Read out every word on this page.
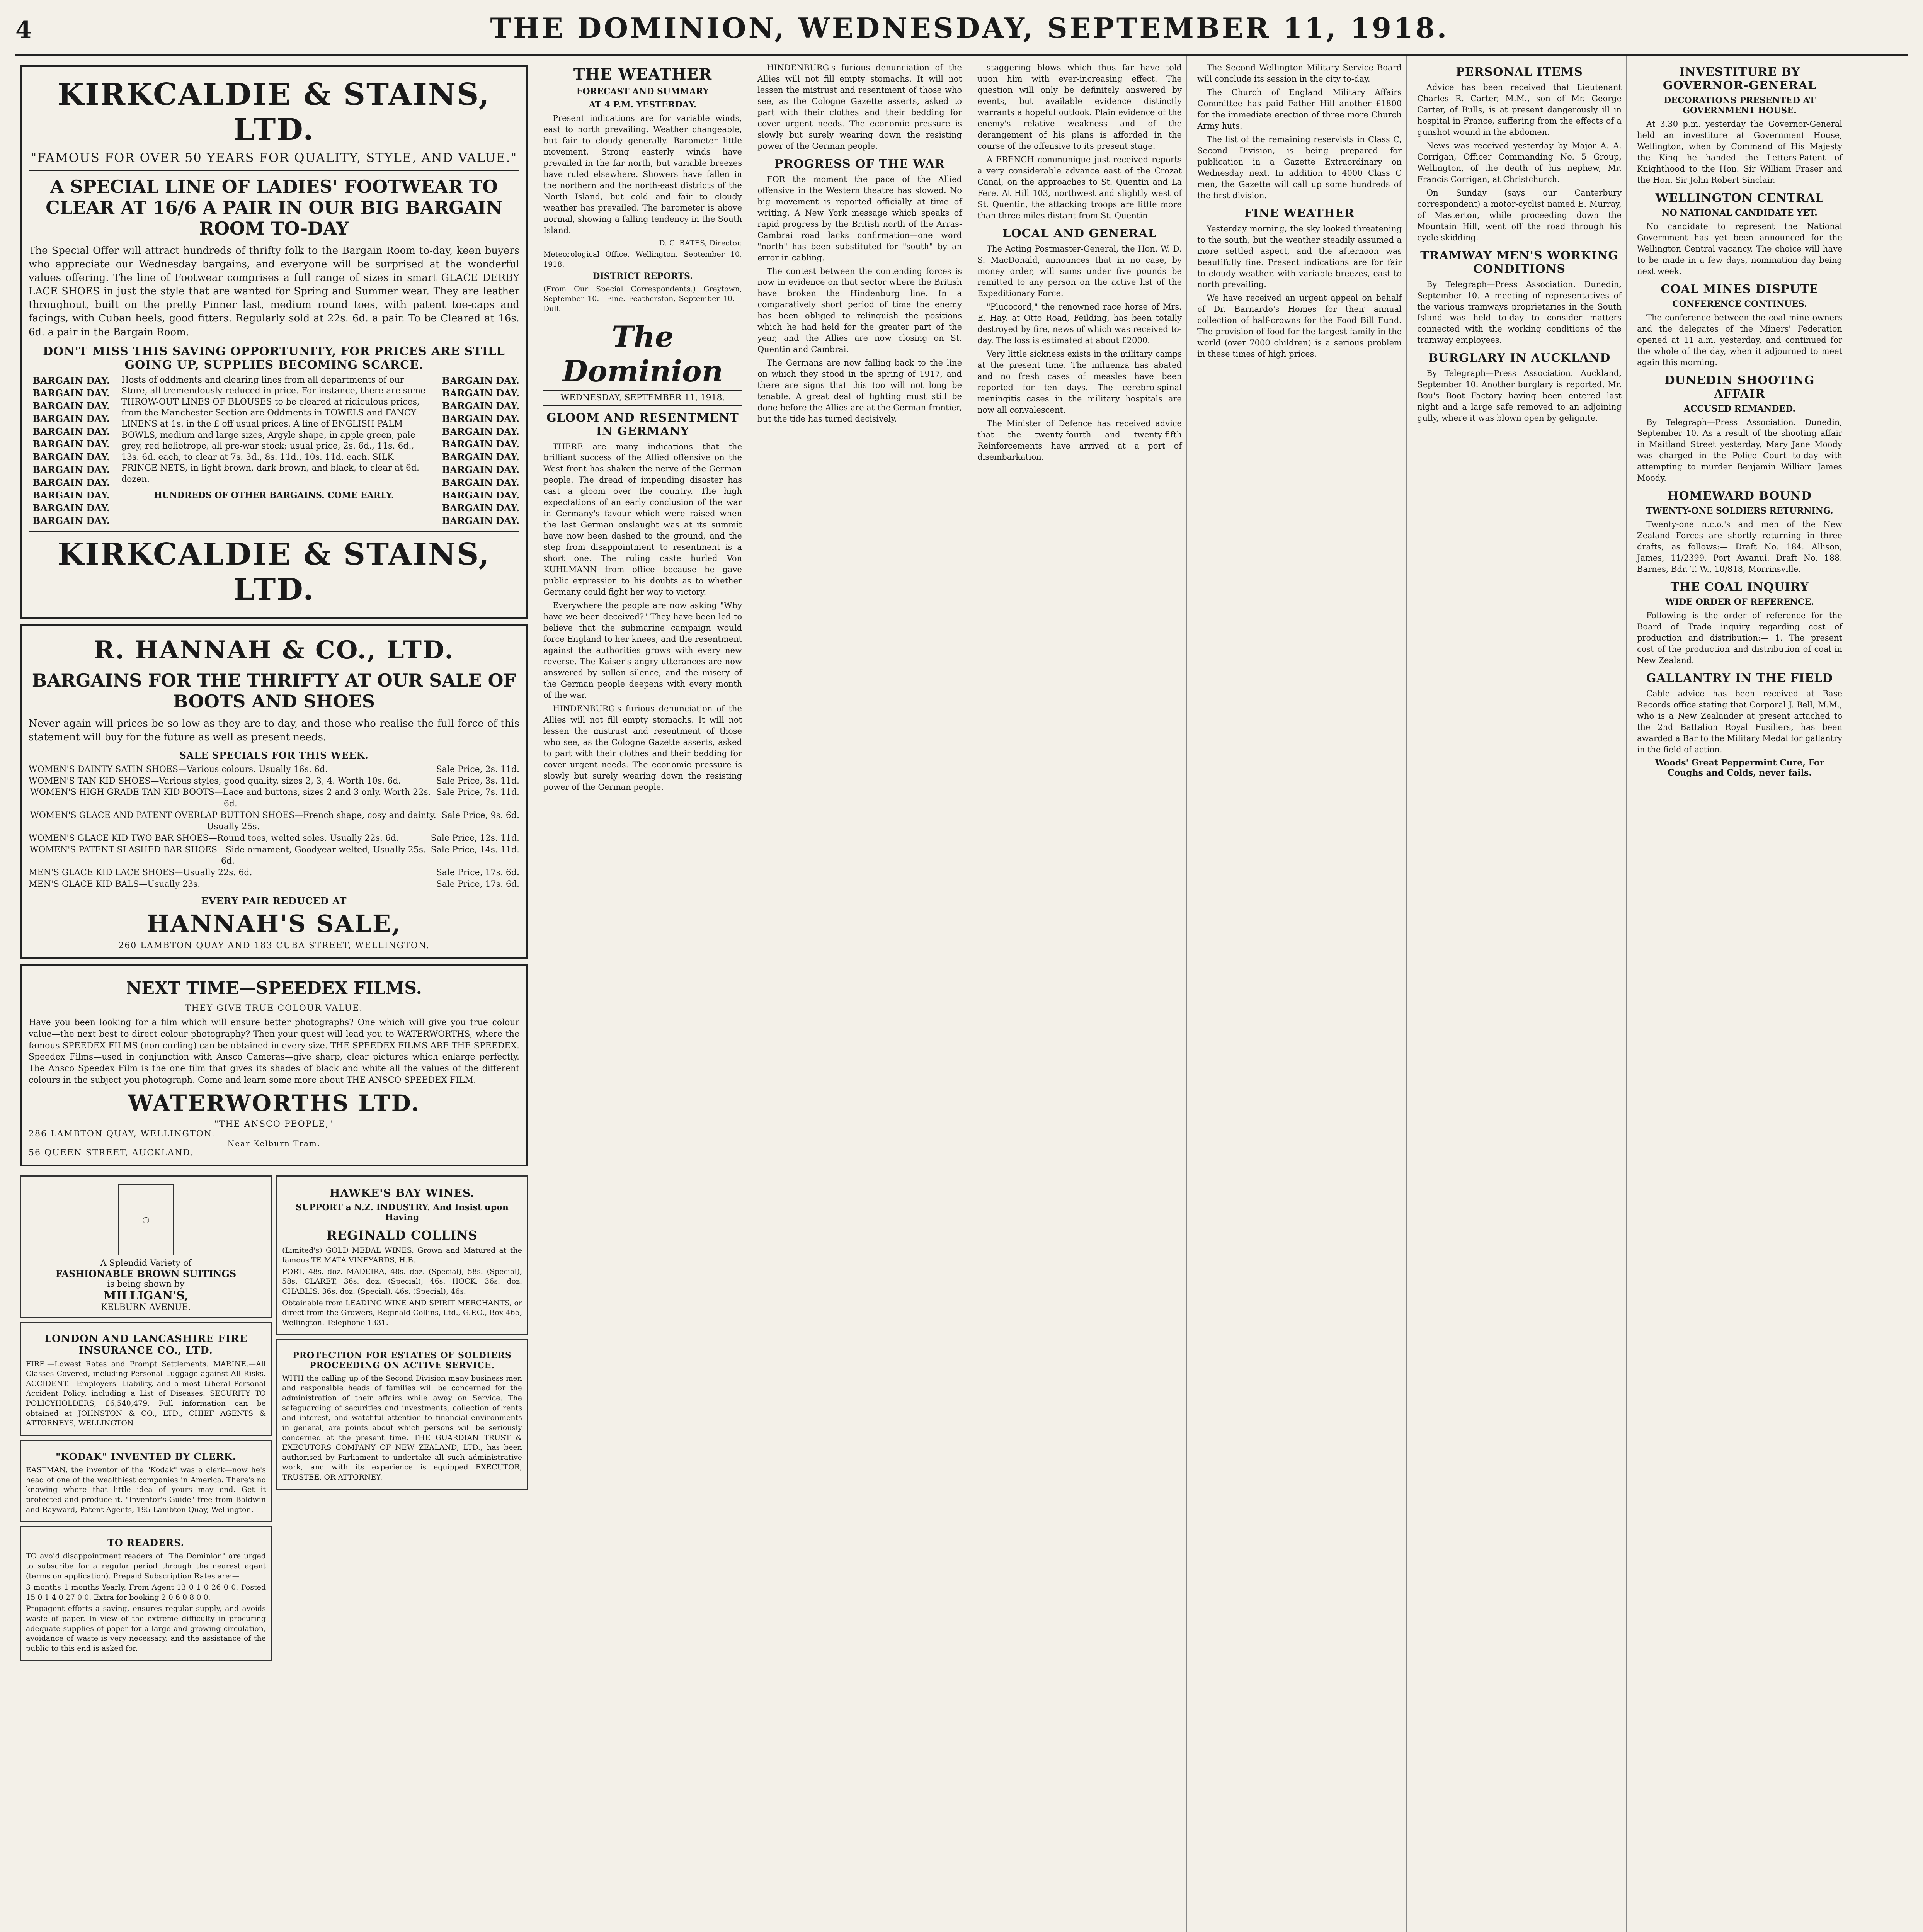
4	THE DOMINION, WEDNESDAY, SEPTEMBER 11, 1918.
KIRKCALDIE & STAINS, LTD.
"FAMOUS FOR OVER 50 YEARS FOR QUALITY, STYLE, AND VALUE."
A SPECIAL LINE OF LADIES' FOOTWEAR TO CLEAR AT 16/6 A PAIR IN OUR BIG BARGAIN ROOM TO-DAY

The Special Offer will attract hundreds of thrifty folk to the Bargain Room to-day, keen buyers who appreciate our Wednesday bargains, and everyone will be surprised at the wonderful values offering. The line of Footwear comprises a full range of sizes in smart GLACE DERBY LACE SHOES in just the style that are wanted for Spring and Summer wear. They are leather throughout, built on the pretty Pinner last, medium round toes, with patent toe-caps and facings, with Cuban heels, good fitters. Regularly sold at 22s. 6d. a pair. To be Cleared at 16s. 6d. a pair in the Bargain Room.

DON'T MISS THIS SAVING OPPORTUNITY, FOR PRICES ARE STILL GOING UP, SUPPLIES BECOMING SCARCE.
BARGAIN DAY.
BARGAIN DAY.
BARGAIN DAY.
BARGAIN DAY.
BARGAIN DAY.
BARGAIN DAY.
BARGAIN DAY.
BARGAIN DAY.
BARGAIN DAY.
BARGAIN DAY.
BARGAIN DAY.
BARGAIN DAY.
Hosts of oddments and clearing lines from all departments of our Store, all tremendously reduced in price. For instance, there are some THROW-OUT LINES OF BLOUSES to be cleared at ridiculous prices, from the Manchester Section are Oddments in TOWELS and FANCY LINENS at 1s. in the £ off usual prices. A line of ENGLISH PALM BOWLS, medium and large sizes, Argyle shape, in apple green, pale grey, red heliotrope, all pre-war stock; usual price, 2s. 6d., 11s. 6d., 13s. 6d. each, to clear at 7s. 3d., 8s. 11d., 10s. 11d. each. SILK FRINGE NETS, in light brown, dark brown, and black, to clear at 6d. dozen.
HUNDREDS OF OTHER BARGAINS. COME EARLY.
BARGAIN DAY.
BARGAIN DAY.
BARGAIN DAY.
BARGAIN DAY.
BARGAIN DAY.
BARGAIN DAY.
BARGAIN DAY.
BARGAIN DAY.
BARGAIN DAY.
BARGAIN DAY.
BARGAIN DAY.
BARGAIN DAY.
KIRKCALDIE & STAINS, LTD.
R. HANNAH & CO., LTD.
BARGAINS FOR THE THRIFTY AT OUR SALE OF BOOTS AND SHOES

Never again will prices be so low as they are to-day, and those who realise the full force of this statement will buy for the future as well as present needs.

SALE SPECIALS FOR THIS WEEK.
WOMEN'S DAINTY SATIN SHOES—Various colours. Usually 16s. 6d.	Sale Price, 2s. 11d.
WOMEN'S TAN KID SHOES—Various styles, good quality, sizes 2, 3, 4. Worth 10s. 6d.	Sale Price, 3s. 11d.
WOMEN'S HIGH GRADE TAN KID BOOTS—Lace and buttons, sizes 2 and 3 only. Worth 22s. 6d.
Sale Price, 7s. 11d.
WOMEN'S GLACE AND PATENT OVERLAP BUTTON SHOES—French shape, cosy and dainty. Usually 25s.
Sale Price, 9s. 6d.
WOMEN'S GLACE KID TWO BAR SHOES—Round toes, welted soles. Usually 22s. 6d.	Sale Price, 12s. 11d.
WOMEN'S PATENT SLASHED BAR SHOES—Side ornament, Goodyear welted, Usually 25s. 6d.
Sale Price, 14s. 11d.
MEN'S GLACE KID LACE SHOES—Usually 22s. 6d.	Sale Price, 17s. 6d.
MEN'S GLACE KID BALS—Usually 23s.	Sale Price, 17s. 6d.
EVERY PAIR REDUCED AT
HANNAH'S SALE,
260 LAMBTON QUAY AND 183 CUBA STREET, WELLINGTON.
NEXT TIME—SPEEDEX FILMS.
THEY GIVE TRUE COLOUR VALUE.

Have you been looking for a film which will ensure better photographs? One which will give you true colour value—the next best to direct colour photography? Then your quest will lead you to WATERWORTHS, where the famous SPEEDEX FILMS (non-curling) can be obtained in every size. THE SPEEDEX FILMS ARE THE SPEEDEX. Speedex Films—used in conjunction with Ansco Cameras—give sharp, clear pictures which enlarge perfectly. The Ansco Speedex Film is the one film that gives its shades of black and white all the values of the different colours in the subject you photograph. Come and learn some more about THE ANSCO SPEEDEX FILM.

WATERWORTHS LTD.
"THE ANSCO PEOPLE,"
286 LAMBTON QUAY, WELLINGTON.
Near Kelburn Tram.
56 QUEEN STREET, AUCKLAND.
◯
A Splendid Variety of
FASHIONABLE BROWN SUITINGS
is being shown by
MILLIGAN'S,
KELBURN AVENUE.
LONDON AND LANCASHIRE FIRE INSURANCE CO., LTD.
FIRE.—Lowest Rates and Prompt Settlements. MARINE.—All Classes Covered, including Personal Luggage against All Risks. ACCIDENT.—Employers' Liability, and a most Liberal Personal Accident Policy, including a List of Diseases. SECURITY TO POLICYHOLDERS, £6,540,479. Full information can be obtained at JOHNSTON & CO., LTD., CHIEF AGENTS & ATTORNEYS, WELLINGTON.
"KODAK" INVENTED BY CLERK.
EASTMAN, the inventor of the "Kodak" was a clerk—now he's head of one of the wealthiest companies in America. There's no knowing where that little idea of yours may end. Get it protected and produce it. "Inventor's Guide" free from Baldwin and Rayward, Patent Agents, 195 Lambton Quay, Wellington.
TO READERS.
TO avoid disappointment readers of "The Dominion" are urged to subscribe for a regular period through the nearest agent (terms on application). Prepaid Subscription Rates are:—
3 months 1 months Yearly. From Agent 13 0 1 0 26 0 0. Posted 15 0 1 4 0 27 0 0. Extra for booking 2 0 6 0 8 0 0.
Propagent efforts a saving, ensures regular supply, and avoids waste of paper. In view of the extreme difficulty in procuring adequate supplies of paper for a large and growing circulation, avoidance of waste is very necessary, and the assistance of the public to this end is asked for.
HAWKE'S BAY WINES.
SUPPORT a N.Z. INDUSTRY. And Insist upon Having
REGINALD COLLINS
(Limited's) GOLD MEDAL WINES. Grown and Matured at the famous TE MATA VINEYARDS, H.B.
PORT, 48s. doz. MADEIRA, 48s. doz. (Special), 58s. (Special), 58s. CLARET, 36s. doz. (Special), 46s. HOCK, 36s. doz. CHABLIS, 36s. doz. (Special), 46s. (Special), 46s.
Obtainable from LEADING WINE AND SPIRIT MERCHANTS, or direct from the Growers, Reginald Collins, Ltd., G.P.O., Box 465, Wellington. Telephone 1331.
PROTECTION FOR ESTATES OF SOLDIERS PROCEEDING ON ACTIVE SERVICE.
WITH the calling up of the Second Division many business men and responsible heads of families will be concerned for the administration of their affairs while away on Service. The safeguarding of securities and investments, collection of rents and interest, and watchful attention to financial environments in general, are points about which persons will be seriously concerned at the present time. THE GUARDIAN TRUST & EXECUTORS COMPANY OF NEW ZEALAND, LTD., has been authorised by Parliament to undertake all such administrative work, and with its experience is equipped EXECUTOR, TRUSTEE, OR ATTORNEY.
THE WEATHER
FORECAST AND SUMMARY
AT 4 P.M. YESTERDAY.
Present indications are for variable winds, east to north prevailing. Weather changeable, but fair to cloudy generally. Barometer little movement. Strong easterly winds have prevailed in the far north, but variable breezes have ruled elsewhere. Showers have fallen in the northern and the north-east districts of the North Island, but cold and fair to cloudy weather has prevailed. The barometer is above normal, showing a falling tendency in the South Island.
D. C. BATES, Director.
Meteorological Office, Wellington, September 10, 1918.
DISTRICT REPORTS.
(From Our Special Correspondents.) Greytown, September 10.—Fine. Featherston, September 10.—Dull.
The Dominion
WEDNESDAY, SEPTEMBER 11, 1918.
GLOOM AND RESENTMENT IN GERMANY
THERE are many indications that the brilliant success of the Allied offensive on the West front has shaken the nerve of the German people. The dread of impending disaster has cast a gloom over the country. The high expectations of an early conclusion of the war in Germany's favour which were raised when the last German onslaught was at its summit have now been dashed to the ground, and the step from disappointment to resentment is a short one. The ruling caste hurled Von KUHLMANN from office because he gave public expression to his doubts as to whether Germany could fight her way to victory.
Everywhere the people are now asking "Why have we been deceived?" They have been led to believe that the submarine campaign would force England to her knees, and the resentment against the authorities grows with every new reverse. The Kaiser's angry utterances are now answered by sullen silence, and the misery of the German people deepens with every month of the war.
HINDENBURG's furious denunciation of the Allies will not fill empty stomachs. It will not lessen the mistrust and resentment of those who see, as the Cologne Gazette asserts, asked to part with their clothes and their bedding for cover urgent needs. The economic pressure is slowly but surely wearing down the resisting power of the German people.
HINDENBURG's furious denunciation of the Allies will not fill empty stomachs. It will not lessen the mistrust and resentment of those who see, as the Cologne Gazette asserts, asked to part with their clothes and their bedding for cover urgent needs. The economic pressure is slowly but surely wearing down the resisting power of the German people.
PROGRESS OF THE WAR
FOR the moment the pace of the Allied offensive in the Western theatre has slowed. No big movement is reported officially at time of writing. A New York message which speaks of rapid progress by the British north of the Arras-Cambrai road lacks confirmation—one word "north" has been substituted for "south" by an error in cabling.
The contest between the contending forces is now in evidence on that sector where the British have broken the Hindenburg line. In a comparatively short period of time the enemy has been obliged to relinquish the positions which he had held for the greater part of the year, and the Allies are now closing on St. Quentin and Cambrai.
The Germans are now falling back to the line on which they stood in the spring of 1917, and there are signs that this too will not long be tenable. A great deal of fighting must still be done before the Allies are at the German frontier, but the tide has turned decisively.
staggering blows which thus far have told upon him with ever-increasing effect. The question will only be definitely answered by events, but available evidence distinctly warrants a hopeful outlook. Plain evidence of the enemy's relative weakness and of the derangement of his plans is afforded in the course of the offensive to its present stage.
A FRENCH communique just received reports a very considerable advance east of the Crozat Canal, on the approaches to St. Quentin and La Fere. At Hill 103, northwest and slightly west of St. Quentin, the attacking troops are little more than three miles distant from St. Quentin.
LOCAL AND GENERAL
The Acting Postmaster-General, the Hon. W. D. S. MacDonald, announces that in no case, by money order, will sums under five pounds be remitted to any person on the active list of the Expeditionary Force.
"Plucocord," the renowned race horse of Mrs. E. Hay, at Otto Road, Feilding, has been totally destroyed by fire, news of which was received to-day. The loss is estimated at about £2000.
Very little sickness exists in the military camps at the present time. The influenza has abated and no fresh cases of measles have been reported for ten days. The cerebro-spinal meningitis cases in the military hospitals are now all convalescent.
The Minister of Defence has received advice that the twenty-fourth and twenty-fifth Reinforcements have arrived at a port of disembarkation.
The Second Wellington Military Service Board will conclude its session in the city to-day.
The Church of England Military Affairs Committee has paid Father Hill another £1800 for the immediate erection of three more Church Army huts.
The list of the remaining reservists in Class C, Second Division, is being prepared for publication in a Gazette Extraordinary on Wednesday next. In addition to 4000 Class C men, the Gazette will call up some hundreds of the first division.
FINE WEATHER
Yesterday morning, the sky looked threatening to the south, but the weather steadily assumed a more settled aspect, and the afternoon was beautifully fine. Present indications are for fair to cloudy weather, with variable breezes, east to north prevailing.
We have received an urgent appeal on behalf of Dr. Barnardo's Homes for their annual collection of half-crowns for the Food Bill Fund. The provision of food for the largest family in the world (over 7000 children) is a serious problem in these times of high prices.
PERSONAL ITEMS
Advice has been received that Lieutenant Charles R. Carter, M.M., son of Mr. George Carter, of Bulls, is at present dangerously ill in hospital in France, suffering from the effects of a gunshot wound in the abdomen.
News was received yesterday by Major A. A. Corrigan, Officer Commanding No. 5 Group, Wellington, of the death of his nephew, Mr. Francis Corrigan, at Christchurch.
On Sunday (says our Canterbury correspondent) a motor-cyclist named E. Murray, of Masterton, while proceeding down the Mountain Hill, went off the road through his cycle skidding.
TRAMWAY MEN'S WORKING CONDITIONS
By Telegraph—Press Association. Dunedin, September 10. A meeting of representatives of the various tramways proprietaries in the South Island was held to-day to consider matters connected with the working conditions of the tramway employees.
BURGLARY IN AUCKLAND
By Telegraph—Press Association. Auckland, September 10. Another burglary is reported, Mr. Bou's Boot Factory having been entered last night and a large safe removed to an adjoining gully, where it was blown open by gelignite.
INVESTITURE BY GOVERNOR-GENERAL
DECORATIONS PRESENTED AT GOVERNMENT HOUSE.
At 3.30 p.m. yesterday the Governor-General held an investiture at Government House, Wellington, when by Command of His Majesty the King he handed the Letters-Patent of Knighthood to the Hon. Sir William Fraser and the Hon. Sir John Robert Sinclair.
WELLINGTON CENTRAL
NO NATIONAL CANDIDATE YET.
No candidate to represent the National Government has yet been announced for the Wellington Central vacancy. The choice will have to be made in a few days, nomination day being next week.
COAL MINES DISPUTE
CONFERENCE CONTINUES.
The conference between the coal mine owners and the delegates of the Miners' Federation opened at 11 a.m. yesterday, and continued for the whole of the day, when it adjourned to meet again this morning.
DUNEDIN SHOOTING AFFAIR
ACCUSED REMANDED.
By Telegraph—Press Association. Dunedin, September 10. As a result of the shooting affair in Maitland Street yesterday, Mary Jane Moody was charged in the Police Court to-day with attempting to murder Benjamin William James Moody.
HOMEWARD BOUND
TWENTY-ONE SOLDIERS RETURNING.
Twenty-one n.c.o.'s and men of the New Zealand Forces are shortly returning in three drafts, as follows:— Draft No. 184. Allison, James, 11/2399, Port Awanui. Draft No. 188. Barnes, Bdr. T. W., 10/818, Morrinsville.
THE COAL INQUIRY
WIDE ORDER OF REFERENCE.
Following is the order of reference for the Board of Trade inquiry regarding cost of production and distribution:— 1. The present cost of the production and distribution of coal in New Zealand.
GALLANTRY IN THE FIELD
Cable advice has been received at Base Records office stating that Corporal J. Bell, M.M., who is a New Zealander at present attached to the 2nd Battalion Royal Fusiliers, has been awarded a Bar to the Military Medal for gallantry in the field of action.
Woods' Great Peppermint Cure, For Coughs and Colds, never fails.
